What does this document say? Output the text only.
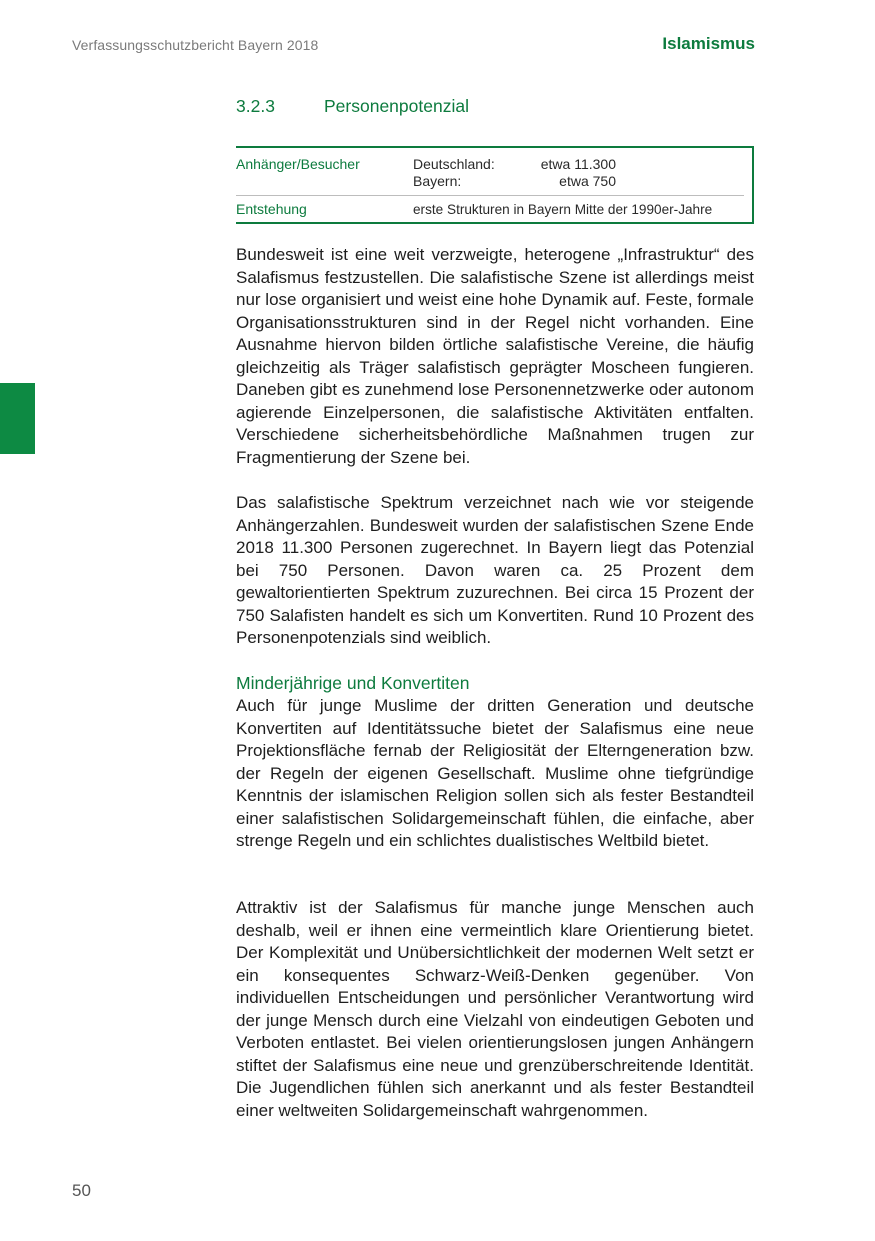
Verfassungsschutzbericht Bayern 2018	Islamismus
3.2.3	Personenpotenzial
Anhänger/Besucher	Deutschland:	etwa 11.300
Bayern:	etwa 750
Entstehung	erste Strukturen in Bayern Mitte der 1990er-Jahre

Bundesweit ist eine weit verzweigte, heterogene „Infrastruktur“ des Salafismus festzustellen. Die salafistische Szene ist allerdings meist nur lose organisiert und weist eine hohe Dynamik auf. Feste, formale Organisationsstrukturen sind in der Regel nicht vorhanden. Eine Ausnahme hiervon bilden örtliche salafistische Vereine, die häufig gleichzeitig als Träger salafistisch geprägter Moscheen fungieren. Daneben gibt es zunehmend lose Personennetzwerke oder autonom agierende Einzelpersonen, die salafistische Aktivitäten entfalten. Verschiedene sicherheitsbehördliche Maßnahmen trugen zur Fragmentierung der Szene bei.

Das salafistische Spektrum verzeichnet nach wie vor steigende Anhängerzahlen. Bundesweit wurden der salafistischen Szene Ende 2018 11.300 Personen zugerechnet. In Bayern liegt das Potenzial bei 750 Personen. Davon waren ca. 25 Prozent dem gewaltorientierten Spektrum zuzurechnen. Bei circa 15 Prozent der 750 Salafisten handelt es sich um Konvertiten. Rund 10 Prozent des Personenpotenzials sind weiblich.

Minderjährige und Konvertiten

Auch für junge Muslime der dritten Generation und deutsche Konvertiten auf Identitätssuche bietet der Salafismus eine neue Projektionsfläche fernab der Religiosität der Elterngeneration bzw. der Regeln der eigenen Gesellschaft. Muslime ohne tiefgründige Kenntnis der islamischen Religion sollen sich als fester Bestandteil einer salafistischen Solidargemeinschaft fühlen, die einfache, aber strenge Regeln und ein schlichtes dualistisches Weltbild bietet.

Attraktiv ist der Salafismus für manche junge Menschen auch deshalb, weil er ihnen eine vermeintlich klare Orientierung bietet. Der Komplexität und Unübersichtlichkeit der modernen Welt setzt er ein konsequentes Schwarz-Weiß-Denken gegenüber. Von individuellen Entscheidungen und persönlicher Verantwortung wird der junge Mensch durch eine Vielzahl von eindeutigen Geboten und Verboten entlastet. Bei vielen orientierungslosen jungen Anhängern stiftet der Salafismus eine neue und grenzüberschreitende Identität. Die Jugendlichen fühlen sich anerkannt und als fester Bestandteil einer weltweiten Solidargemeinschaft wahrgenommen.

50
